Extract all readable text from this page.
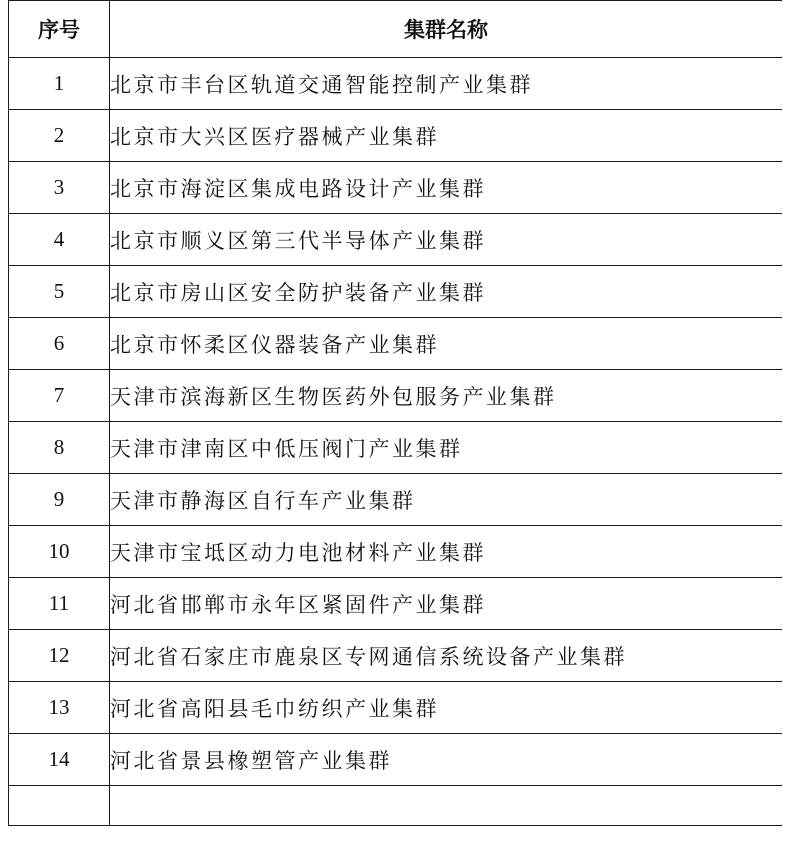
序号	集群名称
1	北京市丰台区轨道交通智能控制产业集群
2	北京市大兴区医疗器械产业集群
3	北京市海淀区集成电路设计产业集群
4	北京市顺义区第三代半导体产业集群
5	北京市房山区安全防护装备产业集群
6	北京市怀柔区仪器装备产业集群
7	天津市滨海新区生物医药外包服务产业集群
8	天津市津南区中低压阀门产业集群
9	天津市静海区自行车产业集群
10	天津市宝坻区动力电池材料产业集群
11	河北省邯郸市永年区紧固件产业集群
12	河北省石家庄市鹿泉区专网通信系统设备产业集群
13	河北省高阳县毛巾纺织产业集群
14	河北省景县橡塑管产业集群
